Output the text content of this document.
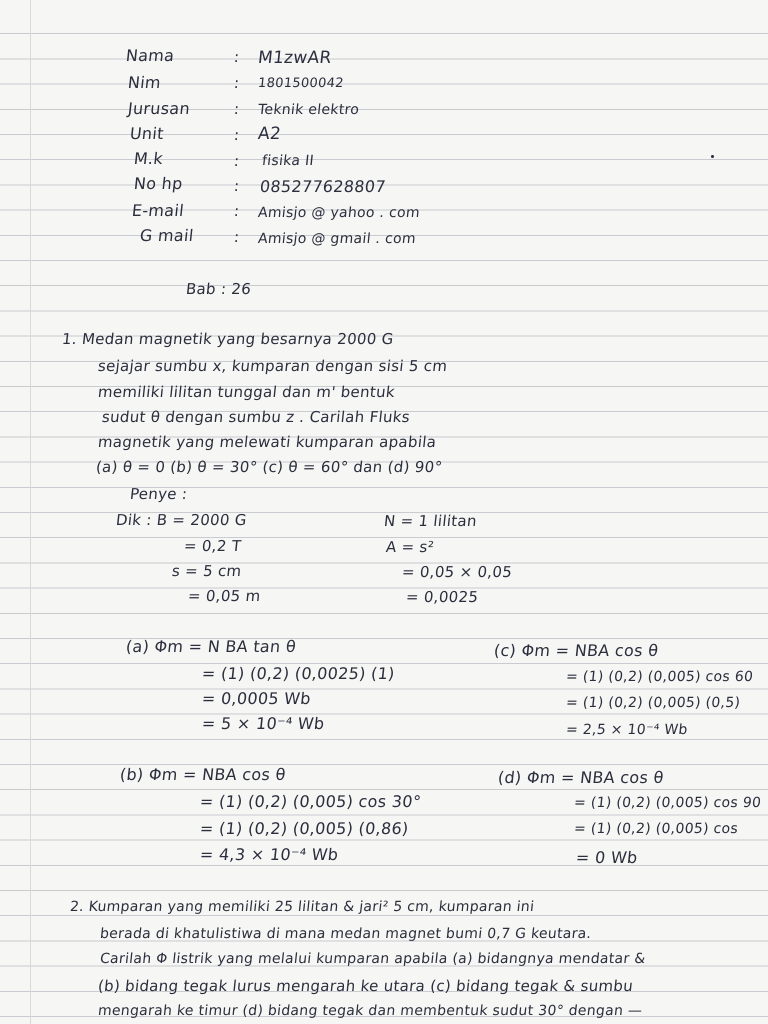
Nama	: M1zwAR
Nim	: 1801500042
Jurusan	: Teknik elektro
Unit	: A2
M.k	: fisika II
No hp	: 085277628807
E-mail	: Amisjo @ yahoo . com
G mail	: Amisjo @ gmail . com
Bab : 26
1. Medan magnetik yang besarnya 2000 G
sejajar sumbu x, kumparan dengan sisi 5 cm
memiliki lilitan tunggal dan m' bentuk
sudut θ dengan sumbu z . Carilah Fluks
magnetik yang melewati kumparan apabila
(a) θ = 0 (b) θ = 30° (c) θ = 60° dan (d) 90°
Penye :
Dik : B = 2000 G
= 0,2 T
s = 5 cm
= 0,05 m
N = 1 lilitan
A = s²
= 0,05 × 0,05
= 0,0025
(a) Φm = N BA tan θ
= (1) (0,2) (0,0025) (1)
= 0,0005 Wb
= 5 × 10⁻⁴ Wb
(b) Φm = NBA cos θ
= (1) (0,2) (0,005) cos 30°
= (1) (0,2) (0,005) (0,86)
= 4,3 × 10⁻⁴ Wb
(c) Φm = NBA cos θ
= (1) (0,2) (0,005) cos 60
= (1) (0,2) (0,005) (0,5)
= 2,5 × 10⁻⁴ Wb
(d) Φm = NBA cos θ
= (1) (0,2) (0,005) cos 90
= (1) (0,2) (0,005) cos
= 0 Wb
2. Kumparan yang memiliki 25 lilitan & jari² 5 cm, kumparan ini
berada di khatulistiwa di mana medan magnet bumi 0,7 G keutara.
Carilah Φ listrik yang melalui kumparan apabila (a) bidangnya mendatar &
(b) bidang tegak lurus mengarah ke utara (c) bidang tegak & sumbu
mengarah ke timur (d) bidang tegak dan membentuk sudut 30° dengan —
